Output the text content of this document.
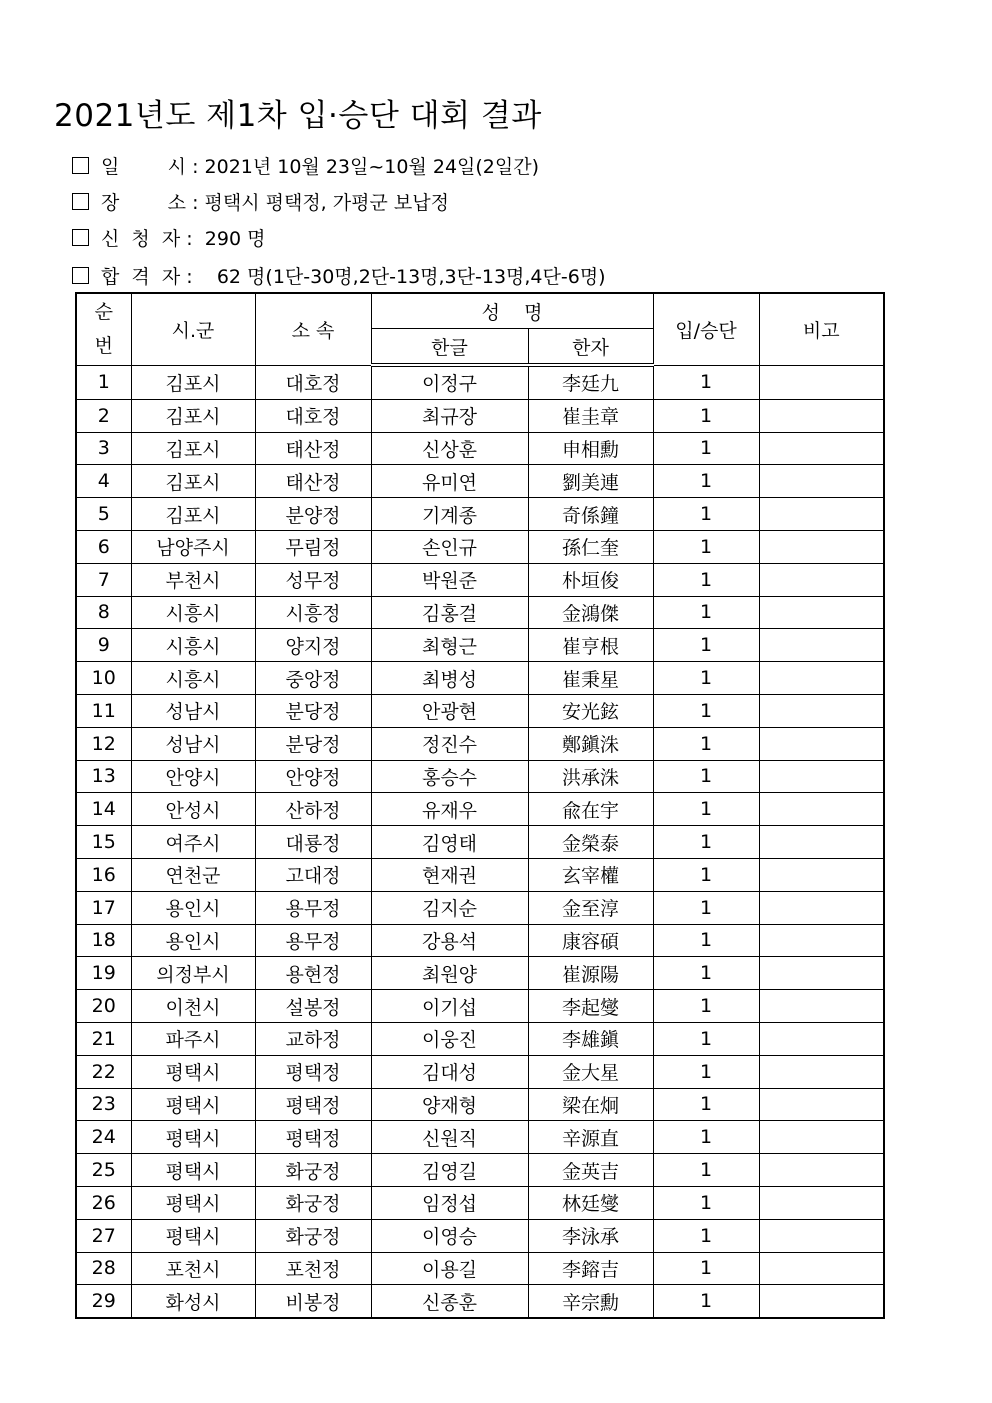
2021년도 제1차 입·승단 대회 결과
일        시 : 2021년 10월 23일~10월 24일(2일간)
장        소 : 평택시 평택정, 가평군 보납정
신  청  자 :  290 명
합  격  자 :    62 명(1단-30명,2단-13명,3단-13명,4단-6명)
순
번	시.군	소 속	성    명		입/승단	비고
			한글	한자		
1	김포시	대호정	이정구	李廷九	1	
2	김포시	대호정	최규장	崔圭章	1	
3	김포시	태산정	신상훈	申相勳	1	
4	김포시	태산정	유미연	劉美連	1	
5	김포시	분양정	기계종	奇係鐘	1	
6	남양주시	무림정	손인규	孫仁奎	1	
7	부천시	성무정	박원준	朴垣俊	1	
8	시흥시	시흥정	김홍걸	金鴻傑	1	
9	시흥시	양지정	최형근	崔亨根	1	
10	시흥시	중앙정	최병성	崔秉星	1	
11	성남시	분당정	안광현	安光鉉	1	
12	성남시	분당정	정진수	鄭鎭洙	1	
13	안양시	안양정	홍승수	洪承洙	1	
14	안성시	산하정	유재우	兪在宇	1	
15	여주시	대룡정	김영태	金榮泰	1	
16	연천군	고대정	현재권	玄宰權	1	
17	용인시	용무정	김지순	金至淳	1	
18	용인시	용무정	강용석	康容碩	1	
19	의정부시	용현정	최원양	崔源陽	1	
20	이천시	설봉정	이기섭	李起燮	1	
21	파주시	교하정	이웅진	李雄鎭	1	
22	평택시	평택정	김대성	金大星	1	
23	평택시	평택정	양재형	梁在炯	1	
24	평택시	평택정	신원직	辛源直	1	
25	평택시	화궁정	김영길	金英吉	1	
26	평택시	화궁정	임정섭	林廷燮	1	
27	평택시	화궁정	이영승	李泳承	1	
28	포천시	포천정	이용길	李鎔吉	1	
29	화성시	비봉정	신종훈	辛宗勳	1	
